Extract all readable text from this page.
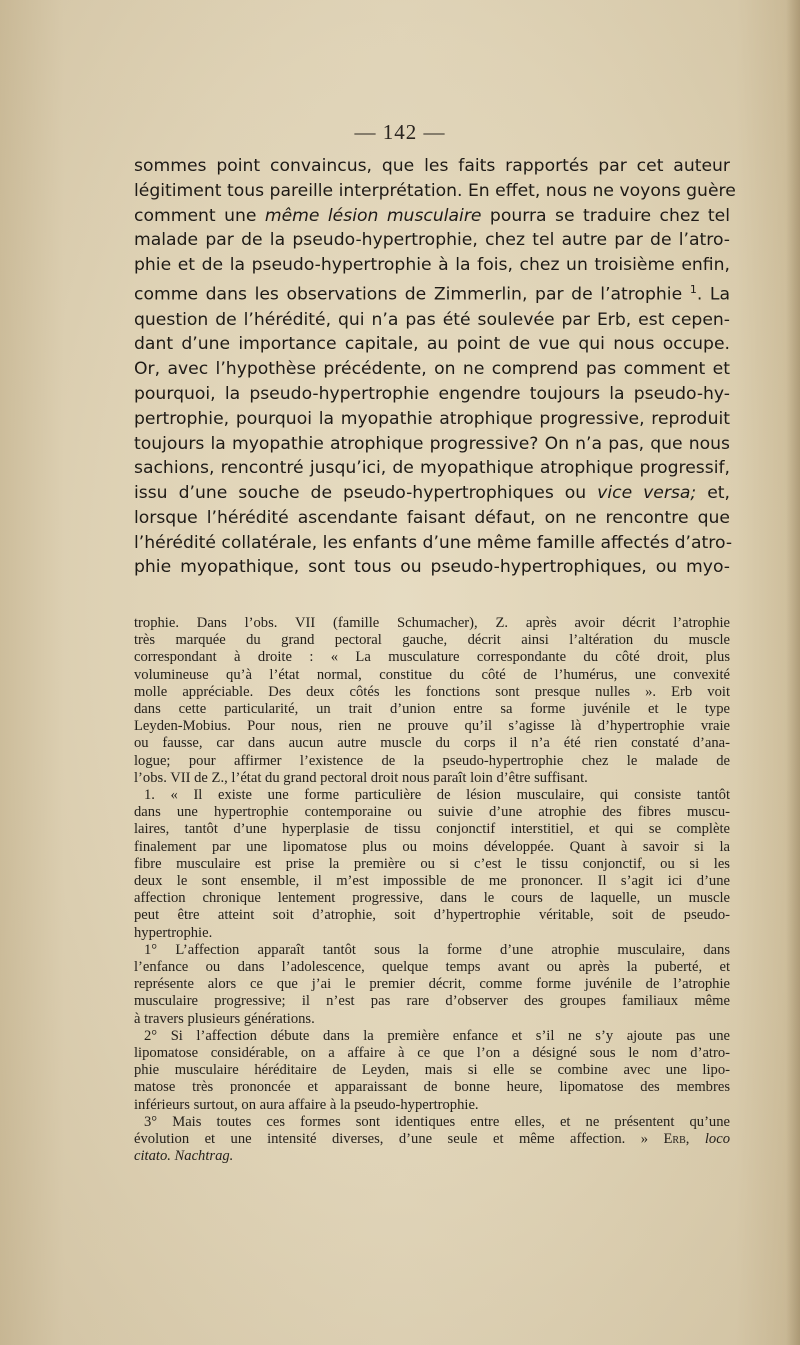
— 142 —

sommes point convaincus, que les faits rapportés par cet auteur

légitiment tous pareille interprétation. En effet, nous ne voyons guère

comment une même lésion musculaire pourra se traduire chez tel

malade par de la pseudo-hypertrophie, chez tel autre par de l’atro-

phie et de la pseudo-hypertrophie à la fois, chez un troisième enfin,

comme dans les observations de Zimmerlin, par de l’atrophie $^1$. La

question de l’hérédité, qui n’a pas été soulevée par Erb, est cepen-

dant d’une importance capitale, au point de vue qui nous occupe.

Or, avec l’hypothèse précédente, on ne comprend pas comment et

pourquoi, la pseudo-hypertrophie engendre toujours la pseudo-hy-

pertrophie, pourquoi la myopathie atrophique progressive, reproduit

toujours la myopathie atrophique progressive? On n’a pas, que nous

sachions, rencontré jusqu’ici, de myopathique atrophique progressif,

issu d’une souche de pseudo-hypertrophiques ou vice versa; et,

lorsque l’hérédité ascendante faisant défaut, on ne rencontre que

l’hérédité collatérale, les enfants d’une même famille affectés d’atro-

phie myopathique, sont tous ou pseudo-hypertrophiques, ou myo-

trophie. Dans l’obs. VII (famille Schumacher), Z. après avoir décrit l’atrophie

très marquée du grand pectoral gauche, décrit ainsi l’altération du muscle

correspondant à droite : « La musculature correspondante du côté droit, plus

volumineuse qu’à l’état normal, constitue du côté de l’humérus, une convexité

molle appréciable. Des deux côtés les fonctions sont presque nulles ». Erb voit

dans cette particularité, un trait d’union entre sa forme juvénile et le type

Leyden-Mobius. Pour nous, rien ne prouve qu’il s’agisse là d’hypertrophie vraie

ou fausse, car dans aucun autre muscle du corps il n’a été rien constaté d’ana-

logue; pour affirmer l’existence de la pseudo-hypertrophie chez le malade de

l’obs. VII de Z., l’état du grand pectoral droit nous paraît loin d’être suffisant.

1. « Il existe une forme particulière de lésion musculaire, qui consiste tantôt

dans une hypertrophie contemporaine ou suivie d’une atrophie des fibres muscu-

laires, tantôt d’une hyperplasie de tissu conjonctif interstitiel, et qui se complète

finalement par une lipomatose plus ou moins développée. Quant à savoir si la

fibre musculaire est prise la première ou si c’est le tissu conjonctif, ou si les

deux le sont ensemble, il m’est impossible de me prononcer. Il s’agit ici d’une

affection chronique lentement progressive, dans le cours de laquelle, un muscle

peut être atteint soit d’atrophie, soit d’hypertrophie véritable, soit de pseudo-

hypertrophie.

1° L’affection apparaît tantôt sous la forme d’une atrophie musculaire, dans

l’enfance ou dans l’adolescence, quelque temps avant ou après la puberté, et

représente alors ce que j’ai le premier décrit, comme forme juvénile de l’atrophie

musculaire progressive; il n’est pas rare d’observer des groupes familiaux même

à travers plusieurs générations.

2° Si l’affection débute dans la première enfance et s’il ne s’y ajoute pas une

lipomatose considérable, on a affaire à ce que l’on a désigné sous le nom d’atro-

phie musculaire héréditaire de Leyden, mais si elle se combine avec une lipo-

matose très prononcée et apparaissant de bonne heure, lipomatose des membres

inférieurs surtout, on aura affaire à la pseudo-hypertrophie.

3° Mais toutes ces formes sont identiques entre elles, et ne présentent qu’une

évolution et une intensité diverses, d’une seule et même affection. » Erb, loco

citato. Nachtrag.
